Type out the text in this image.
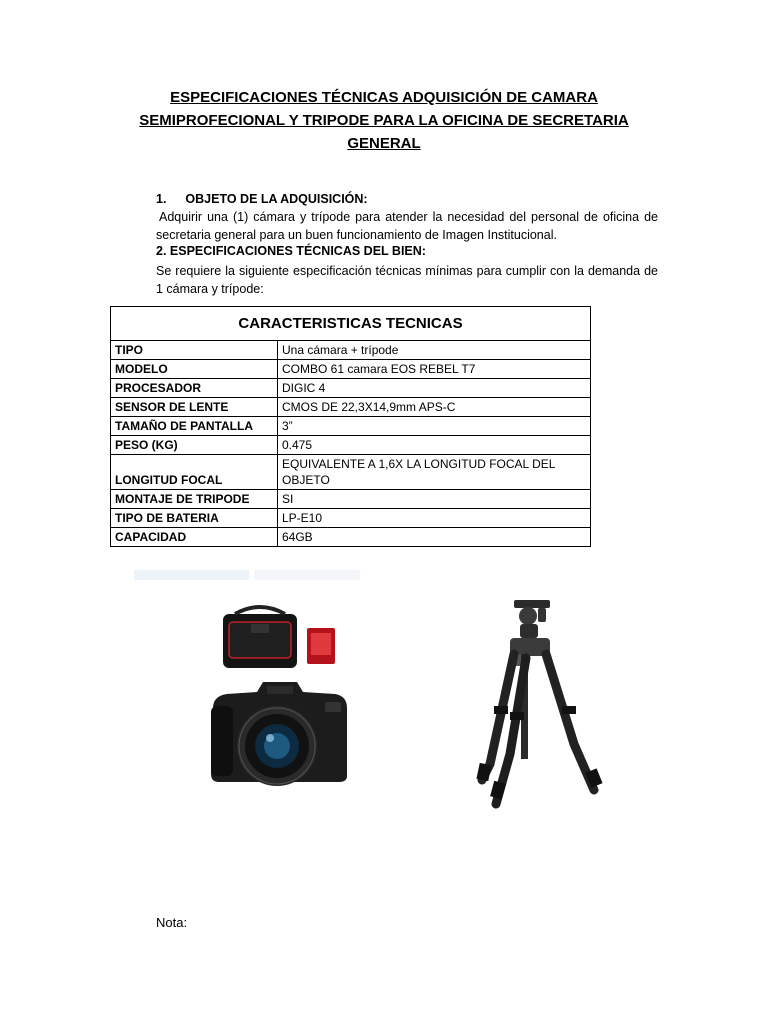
ESPECIFICACIONES TÉCNICAS ADQUISICIÓN DE CAMARA
SEMIPROFECIONAL Y TRIPODE PARA LA OFICINA DE SECRETARIA
GENERAL
1. OBJETO DE LA ADQUISICIÓN:
Adquirir una (1) cámara y trípode para atender la necesidad del personal de oficina de secretaria general para un buen funcionamiento de Imagen Institucional.
2. ESPECIFICACIONES TÉCNICAS DEL BIEN:
Se requiere la siguiente especificación técnicas mínimas para cumplir con la demanda de 1 cámara y trípode:
CARACTERISTICAS TECNICAS	
TIPO	Una cámara + trípode
MODELO	COMBO 61 camara EOS REBEL T7
PROCESADOR	DIGIC 4
SENSOR DE LENTE	CMOS DE 22,3X14,9mm APS-C
TAMAÑO DE PANTALLA	3”
PESO (KG)	0.475
LONGITUD FOCAL	EQUIVALENTE A 1,6X LA LONGITUD FOCAL DEL OBJETO
MONTAJE DE TRIPODE	SI
TIPO DE BATERIA	LP-E10
CAPACIDAD	64GB
Nota:
